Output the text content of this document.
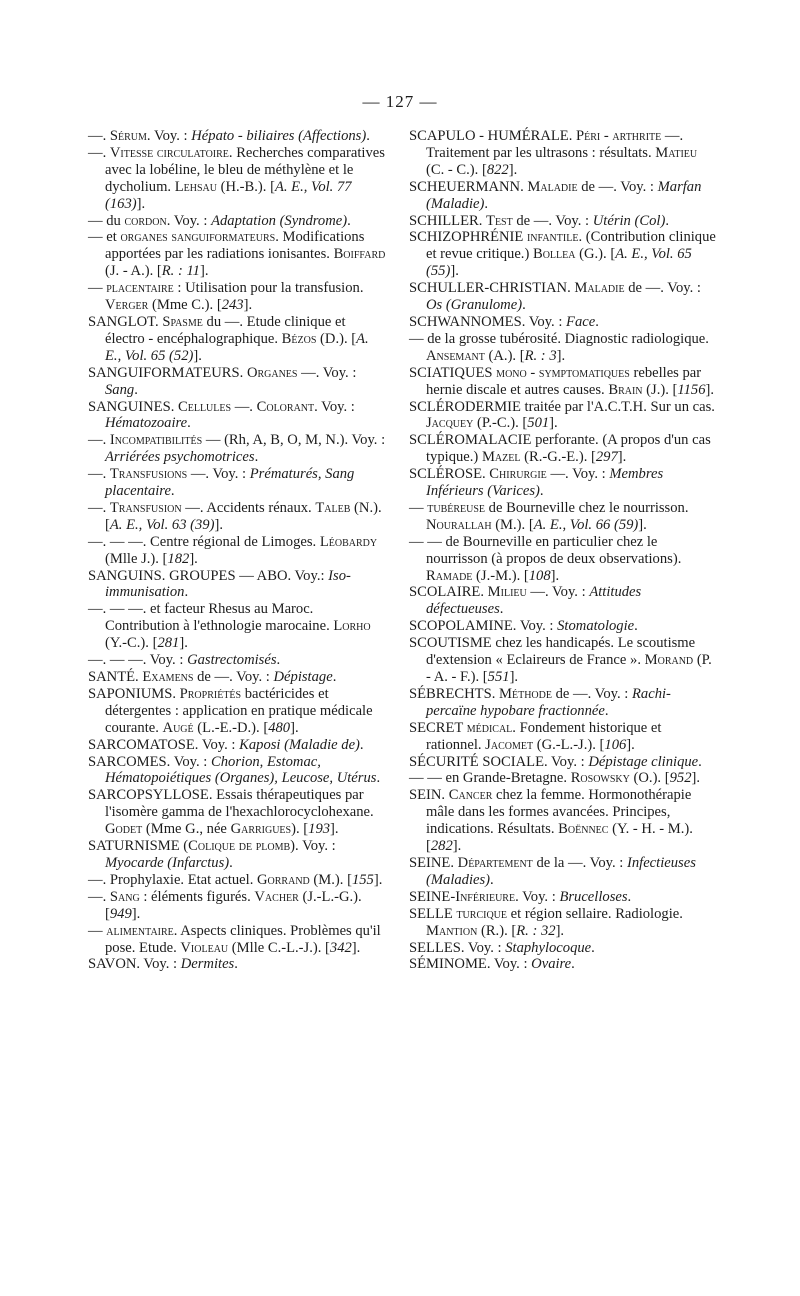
— 127 —

—. Sérum. Voy. : Hépato - biliaires (Affections).

—. Vitesse circulatoire. Recherches comparatives avec la lobéline, le bleu de méthylène et le dycholium. Lehsau (H.-B.). [A. E., Vol. 77 (163)].

— du cordon. Voy. : Adaptation (Syndrome).

— et organes sanguiformateurs. Modifications apportées par les radiations ionisantes. Boiffard (J. - A.). [R. : 11].

— placentaire : Utilisation pour la transfusion. Verger (Mme C.). [243].

SANGLOT. Spasme du —. Etude clinique et électro - encéphalographique. Bézos (D.). [A. E., Vol. 65 (52)].

SANGUIFORMATEURS. Organes —. Voy. : Sang.

SANGUINES. Cellules —. Colorant. Voy. : Hématozoaire.

—. Incompatibilités — (Rh, A, B, O, M, N.). Voy. : Arriérées psychomotrices.

—. Transfusions —. Voy. : Prématurés, Sang placentaire.

—. Transfusion —. Accidents rénaux. Taleb (N.). [A. E., Vol. 63 (39)].

—. — —. Centre régional de Limoges. Léobardy (Mlle J.). [182].

SANGUINS. GROUPES — ABO. Voy.: Iso-immunisation.

—. — —. et facteur Rhesus au Maroc. Contribution à l'ethnologie marocaine. Lorho (Y.-C.). [281].

—. — —. Voy. : Gastrectomisés.

SANTÉ. Examens de —. Voy. : Dépistage.

SAPONIUMS. Propriétés bactéricides et détergentes : application en pratique médicale courante. Augé (L.-E.-D.). [480].

SARCOMATOSE. Voy. : Kaposi (Maladie de).

SARCOMES. Voy. : Chorion, Estomac, Hématopoiétiques (Organes), Leucose, Utérus.

SARCOPSYLLOSE. Essais thérapeutiques par l'isomère gamma de l'hexachlorocyclohexane. Godet (Mme G., née Garrigues). [193].

SATURNISME (Colique de plomb). Voy. : Myocarde (Infarctus).

—. Prophylaxie. Etat actuel. Gorrand (M.). [155].

—. Sang : éléments figurés. Vacher (J.-L.-G.). [949].

— alimentaire. Aspects cliniques. Problèmes qu'il pose. Etude. Violeau (Mlle C.-L.-J.). [342].

SAVON. Voy. : Dermites.

SCAPULO - HUMÉRALE. Péri - arthrite —. Traitement par les ultrasons : résultats. Matieu (C. - C.). [822].

SCHEUERMANN. Maladie de —. Voy. : Marfan (Maladie).

SCHILLER. Test de —. Voy. : Utérin (Col).

SCHIZOPHRÉNIE infantile. (Contribution clinique et revue critique.) Bollea (G.). [A. E., Vol. 65 (55)].

SCHULLER-CHRISTIAN. Maladie de —. Voy. : Os (Granulome).

SCHWANNOMES. Voy. : Face.

— de la grosse tubérosité. Diagnostic radiologique. Ansemant (A.). [R. : 3].

SCIATIQUES mono - symptomatiques rebelles par hernie discale et autres causes. Brain (J.). [1156].

SCLÉRODERMIE traitée par l'A.C.T.H. Sur un cas. Jacquey (P.-C.). [501].

SCLÉROMALACIE perforante. (A propos d'un cas typique.) Mazel (R.-G.-E.). [297].

SCLÉROSE. Chirurgie —. Voy. : Membres Inférieurs (Varices).

— tubéreuse de Bourneville chez le nourrisson. Nourallah (M.). [A. E., Vol. 66 (59)].

— — de Bourneville en particulier chez le nourrisson (à propos de deux observations). Ramade (J.-M.). [108].

SCOLAIRE. Milieu —. Voy. : Attitudes défectueuses.

SCOPOLAMINE. Voy. : Stomatologie.

SCOUTISME chez les handicapés. Le scoutisme d'extension « Eclaireurs de France ». Morand (P. - A. - F.). [551].

SÉBRECHTS. Méthode de —. Voy. : Rachi-percaïne hypobare fractionnée.

SECRET médical. Fondement historique et rationnel. Jacomet (G.-L.-J.). [106].

SÉCURITÉ SOCIALE. Voy. : Dépistage clinique.

— — en Grande-Bretagne. Rosowsky (O.). [952].

SEIN. Cancer chez la femme. Hormonothérapie mâle dans les formes avancées. Principes, indications. Résultats. Boënnec (Y. - H. - M.). [282].

SEINE. Département de la —. Voy. : Infectieuses (Maladies).

SEINE-Inférieure. Voy. : Brucelloses.

SELLE turcique et région sellaire. Radiologie. Mantion (R.). [R. : 32].

SELLES. Voy. : Staphylocoque.

SÉMINOME. Voy. : Ovaire.
